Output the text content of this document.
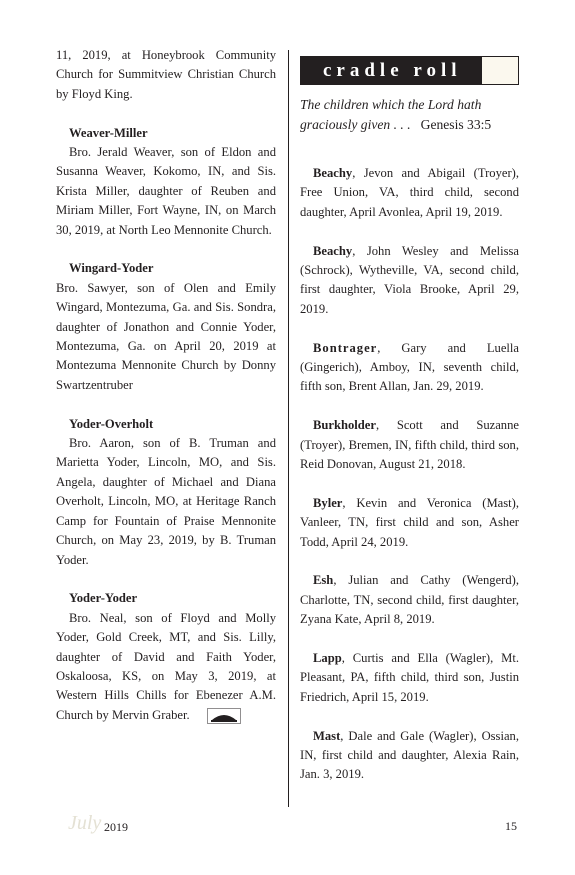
11, 2019, at Honeybrook Community Church for Summitview Christian Church by Floyd King.

Weaver-Miller

Bro. Jerald Weaver, son of Eldon and Susanna Weaver, Kokomo, IN, and Sis. Krista Miller, daughter of Reuben and Miriam Miller, Fort Wayne, IN, on March 30, 2019, at North Leo Mennonite Church.

Wingard-Yoder

Bro. Sawyer, son of Olen and Emily Wingard, Montezuma, Ga. and Sis. Sondra, daughter of Jonathon and Connie Yoder, Montezuma, Ga. on April 20, 2019 at Montezuma Mennonite Church by Donny Swartzentruber

Yoder-Overholt

Bro. Aaron, son of B. Truman and Marietta Yoder, Lincoln, MO, and Sis. Angela, daughter of Michael and Diana Overholt, Lincoln, MO, at Heritage Ranch Camp for Fountain of Praise Mennonite Church, on May 23, 2019, by B. Truman Yoder.

Yoder-Yoder

Bro. Neal, son of Floyd and Molly Yoder, Gold Creek, MT, and Sis. Lilly, daughter of David and Faith Yoder, Oskaloosa, KS, on May 3, 2019, at Western Hills Chills for Ebenezer A.M. Church by Mervin Graber.

cradle roll

The children which the Lord hath graciously given . . . Genesis 33:5

Beachy, Jevon and Abigail (Troyer), Free Union, VA, third child, second daughter, April Avonlea, April 19, 2019.

Beachy, John Wesley and Melissa (Schrock), Wytheville, VA, second child, first daughter, Viola Brooke, April 29, 2019.

Bontrager, Gary and Luella (Gingerich), Amboy, IN, seventh child, fifth son, Brent Allan, Jan. 29, 2019.

Burkholder, Scott and Suzanne (Troyer), Bremen, IN, fifth child, third son, Reid Donovan, August 21, 2018.

Byler, Kevin and Veronica (Mast), Vanleer, TN, first child and son, Asher Todd, April 24, 2019.

Esh, Julian and Cathy (Wengerd), Charlotte, TN, second child, first daughter, Zyana Kate, April 8, 2019.

Lapp, Curtis and Ella (Wagler), Mt. Pleasant, PA, fifth child, third son, Justin Friedrich, April 15, 2019.

Mast, Dale and Gale (Wagler), Ossian, IN, first child and daughter, Alexia Rain, Jan. 3, 2019.

July 2019	15
